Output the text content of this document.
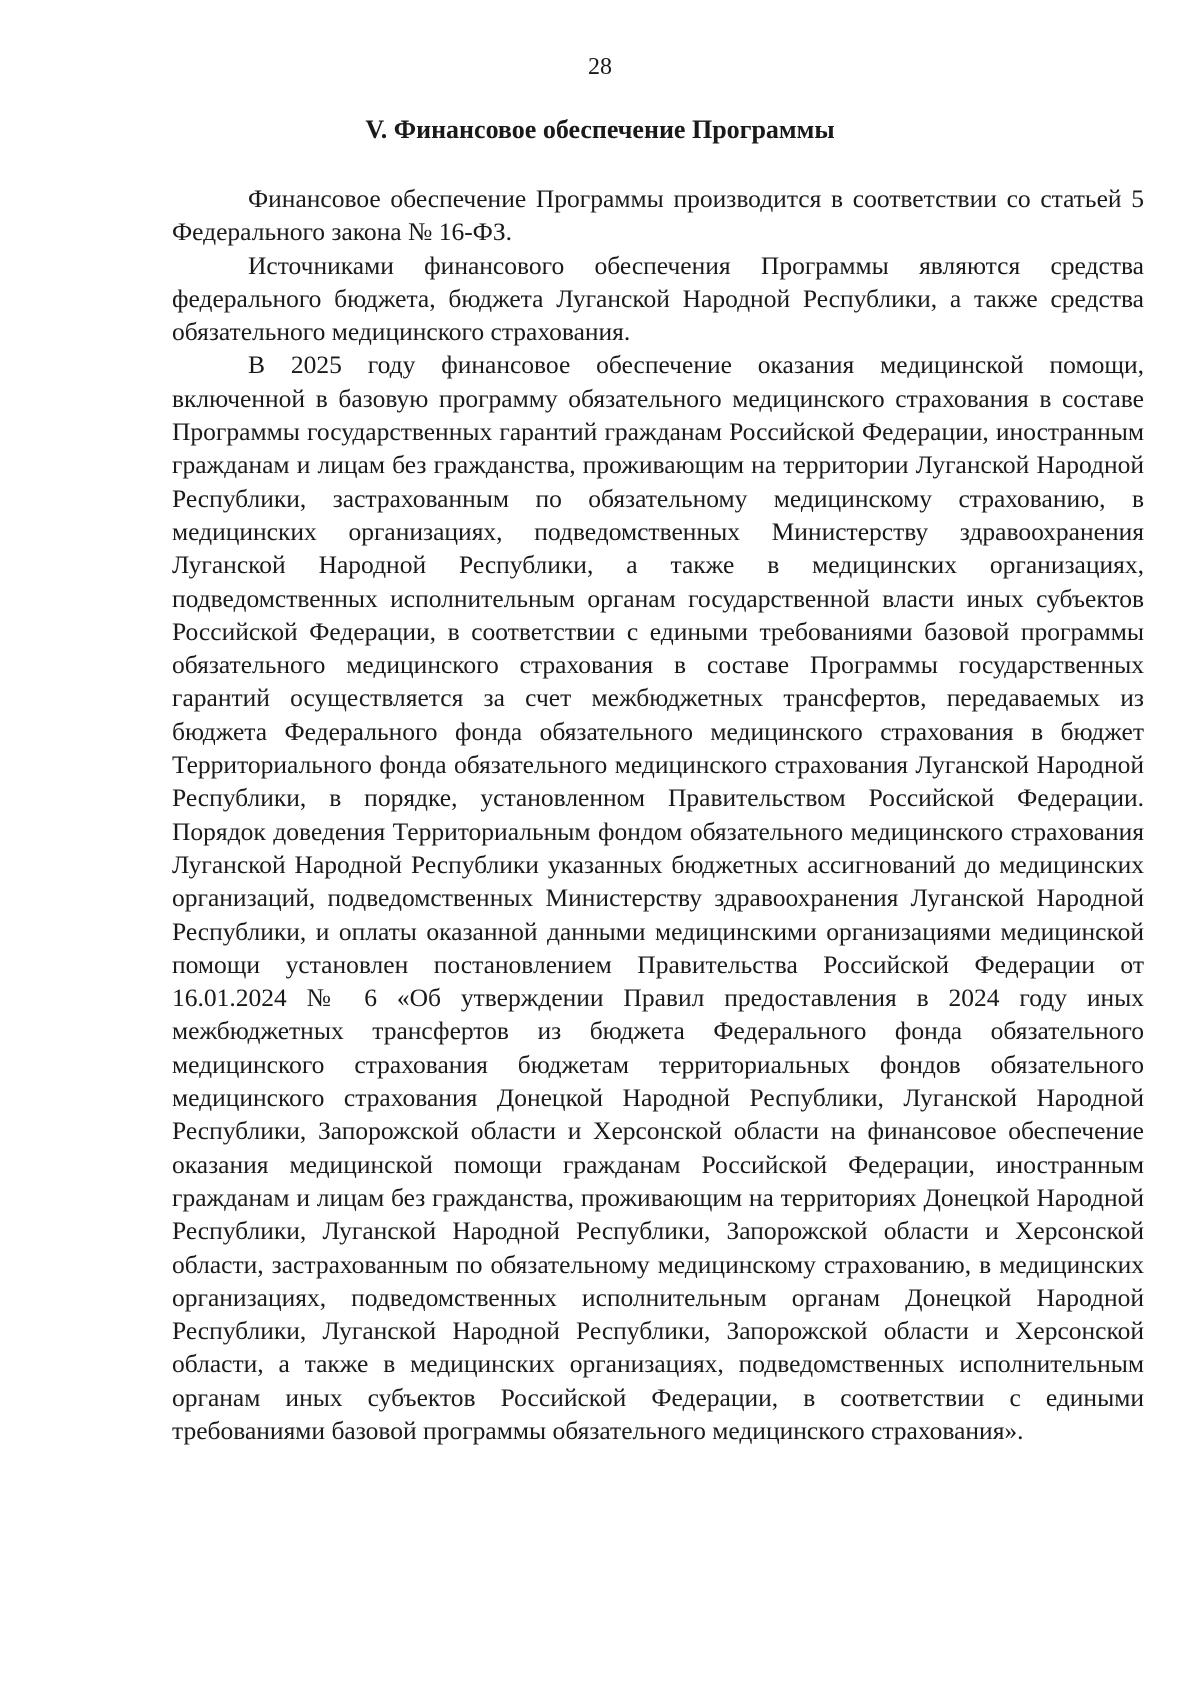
28
V. Финансовое обеспечение Программы

Финансовое обеспечение Программы производится в соответствии со статьей 5 Федерального закона № 16-ФЗ.

Источниками финансового обеспечения Программы являются средства федерального бюджета, бюджета Луганской Народной Республики, а также средства обязательного медицинского страхования.

В 2025 году финансовое обеспечение оказания медицинской помощи, включенной в базовую программу обязательного медицинского страхования в составе Программы государственных гарантий гражданам Российской Федерации, иностранным гражданам и лицам без гражданства, проживающим на территории Луганской Народной Республики, застрахованным по обязательному медицинскому страхованию, в медицинских организациях, подведомственных Министерству здравоохранения Луганской Народной Республики, а также в медицинских организациях, подведомственных исполнительным органам государственной власти иных субъектов Российской Федерации, в соответствии с едиными требованиями базовой программы обязательного медицинского страхования в составе Программы государственных гарантий осуществляется за счет межбюджетных трансфертов, передаваемых из бюджета Федерального фонда обязательного медицинского страхования в бюджет Территориального фонда обязательного медицинского страхования Луганской Народной Республики, в порядке, установленном Правительством Российской Федерации. Порядок доведения Территориальным фондом обязательного медицинского страхования Луганской Народной Республики указанных бюджетных ассигнований до медицинских организаций, подведомственных Министерству здравоохранения Луганской Народной Республики, и оплаты оказанной данными медицинскими организациями медицинской помощи установлен постановлением Правительства Российской Федерации от 16.01.2024 № 6 «Об утверждении Правил предоставления в 2024 году иных межбюджетных трансфертов из бюджета Федерального фонда обязательного медицинского страхования бюджетам территориальных фондов обязательного медицинского страхования Донецкой Народной Республики, Луганской Народной Республики, Запорожской области и Херсонской области на финансовое обеспечение оказания медицинской помощи гражданам Российской Федерации, иностранным гражданам и лицам без гражданства, проживающим на территориях Донецкой Народной Республики, Луганской Народной Республики, Запорожской области и Херсонской области, застрахованным по обязательному медицинскому страхованию, в медицинских организациях, подведомственных исполнительным органам Донецкой Народной Республики, Луганской Народной Республики, Запорожской области и Херсонской области, а также в медицинских организациях, подведомственных исполнительным органам иных субъектов Российской Федерации, в соответствии с едиными требованиями базовой программы обязательного медицинского страхования».
